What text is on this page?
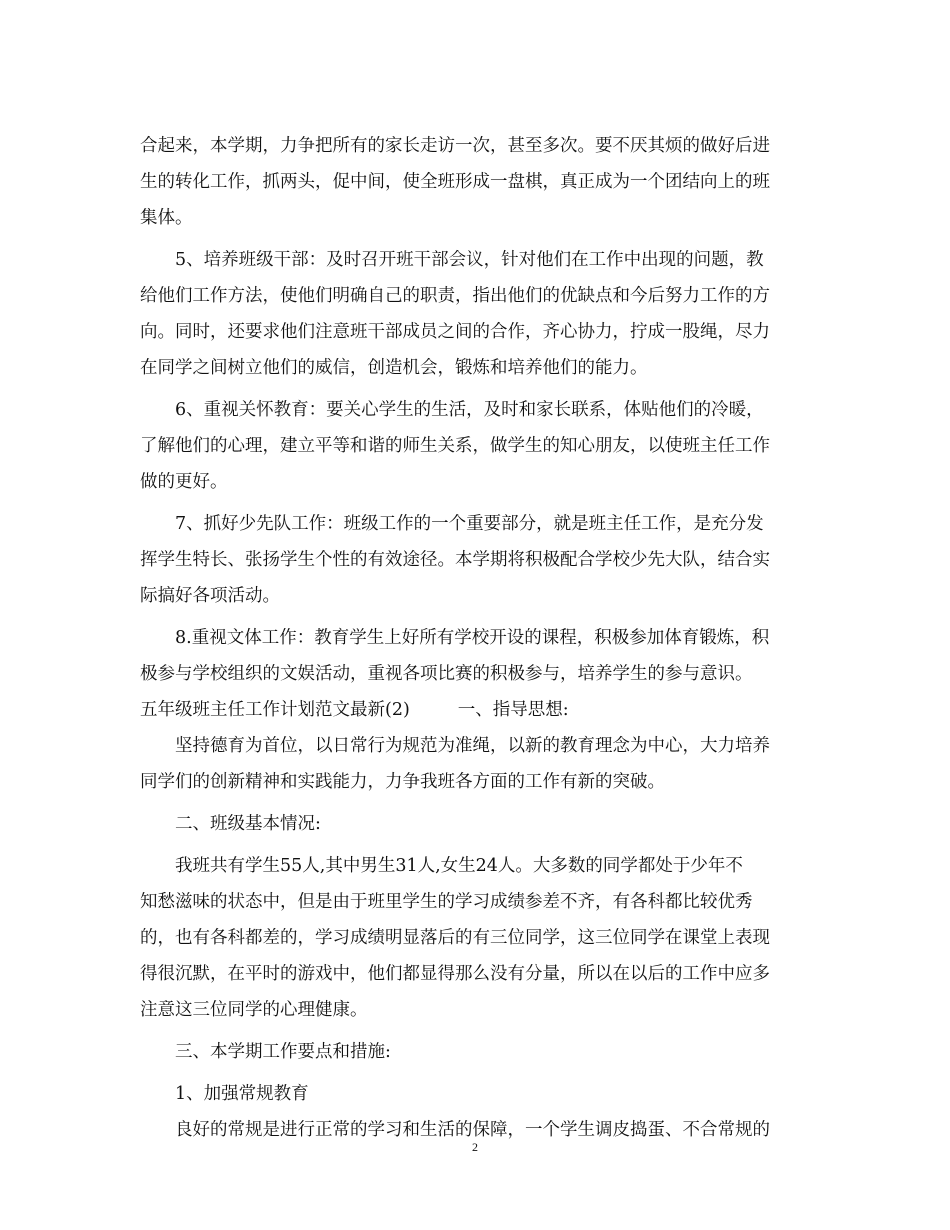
合起来，本学期，力争把所有的家长走访一次，甚至多次。要不厌其烦的做好后进
生的转化工作，抓两头，促中间，使全班形成一盘棋，真正成为一个团结向上的班
集体。
5、培养班级干部：及时召开班干部会议，针对他们在工作中出现的问题，教
给他们工作方法，使他们明确自己的职责，指出他们的优缺点和今后努力工作的方
向。同时，还要求他们注意班干部成员之间的合作，齐心协力，拧成一股绳，尽力
在同学之间树立他们的威信，创造机会，锻炼和培养他们的能力。
6、重视关怀教育：要关心学生的生活，及时和家长联系，体贴他们的冷暖，
了解他们的心理，建立平等和谐的师生关系，做学生的知心朋友，以使班主任工作
做的更好。
7、抓好少先队工作：班级工作的一个重要部分，就是班主任工作，是充分发
挥学生特长、张扬学生个性的有效途径。本学期将积极配合学校少先大队，结合实
际搞好各项活动。
8.重视文体工作：教育学生上好所有学校开设的课程，积极参加体育锻炼，积
极参与学校组织的文娱活动，重视各项比赛的积极参与，培养学生的参与意识。
五年级班主任工作计划范文最新(2)	一、指导思想:
坚持德育为首位，以日常行为规范为准绳，以新的教育理念为中心，大力培养
同学们的创新精神和实践能力，力争我班各方面的工作有新的突破。
二、班级基本情况:
我班共有学生55人,其中男生31人,女生24人。大多数的同学都处于少年不
知愁滋味的状态中，但是由于班里学生的学习成绩参差不齐，有各科都比较优秀
的，也有各科都差的，学习成绩明显落后的有三位同学，这三位同学在课堂上表现
得很沉默，在平时的游戏中，他们都显得那么没有分量，所以在以后的工作中应多
注意这三位同学的心理健康。
三、本学期工作要点和措施:
1、加强常规教育
良好的常规是进行正常的学习和生活的保障，一个学生调皮捣蛋、不合常规的
2
